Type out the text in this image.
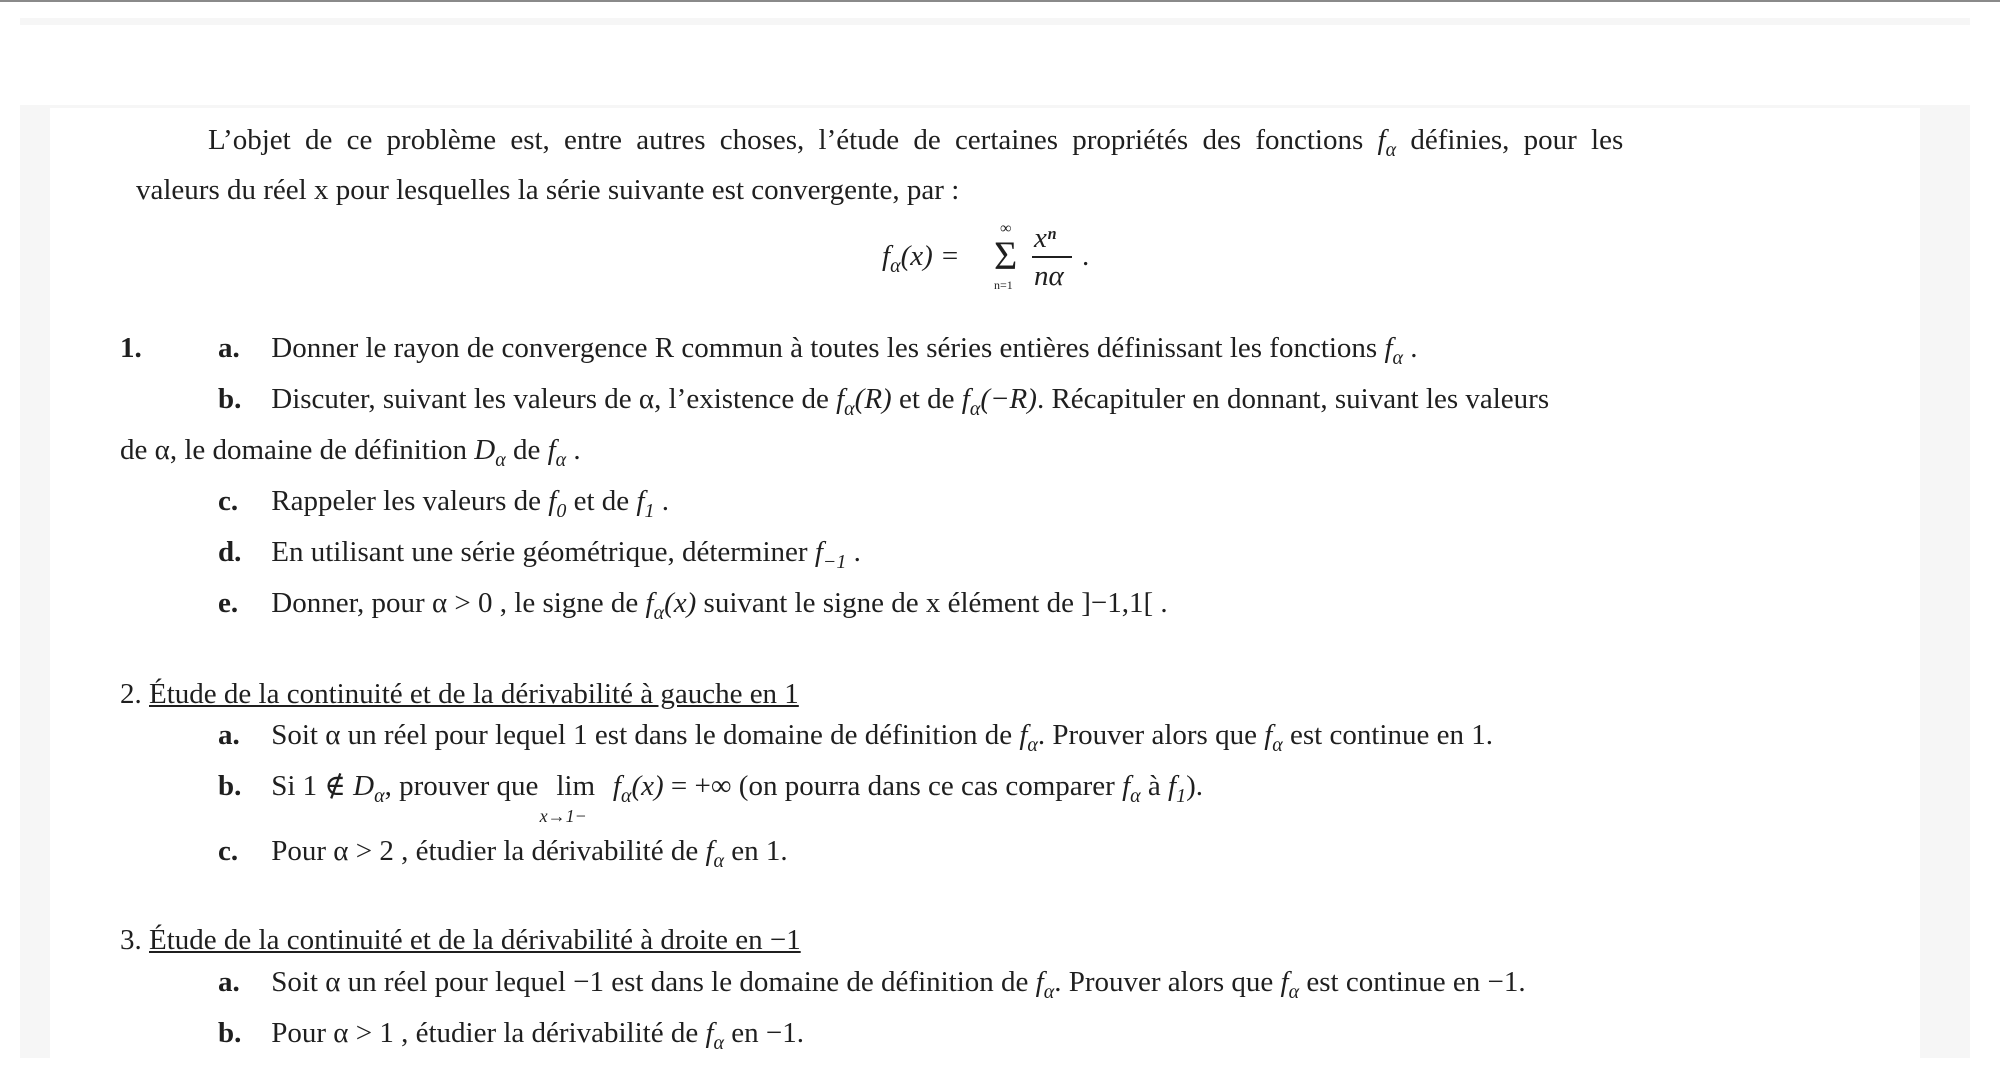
L’objet de ce problème est, entre autres choses, l’étude de certaines propriétés des fonctions $f_\alpha$ définies, pour les
valeurs du réel x pour lesquelles la série suivante est convergente, par :
$f_\alpha(x)$ =
∞
Σ
n=1
xⁿ
nα
.
1.	a. Donner le rayon de convergence R commun à toutes les séries entières définissant les fonctions $f_\alpha$ .
b. Discuter, suivant les valeurs de α, l’existence de $f_\alpha(R)$ et de $f_\alpha(-R)$. Récapituler en donnant, suivant les valeurs
de α, le domaine de définition $D_\alpha$ de $f_\alpha$ .
c. Rappeler les valeurs de $f_0$ et de $f_1$ .
d. En utilisant une série géométrique, déterminer $f_{-1}$ .
e. Donner, pour α > 0 , le signe de $f_\alpha(x)$ suivant le signe de x élément de ]−1,1[ .
2. Étude de la continuité et de la dérivabilité à gauche en 1
a. Soit α un réel pour lequel 1 est dans le domaine de définition de $f_\alpha$. Prouver alors que $f_\alpha$ est continue en 1.
b. Si 1 ∉ $D_\alpha$, prouver que lim
x→1−
$f_\alpha(x)$ = +∞ (on pourra dans ce cas comparer $f_\alpha$ à $f_1$).
c. Pour α > 2 , étudier la dérivabilité de $f_\alpha$ en 1.
3. Étude de la continuité et de la dérivabilité à droite en −1
a. Soit α un réel pour lequel −1 est dans le domaine de définition de $f_\alpha$. Prouver alors que $f_\alpha$ est continue en −1.
b. Pour α > 1 , étudier la dérivabilité de $f_\alpha$ en −1.
